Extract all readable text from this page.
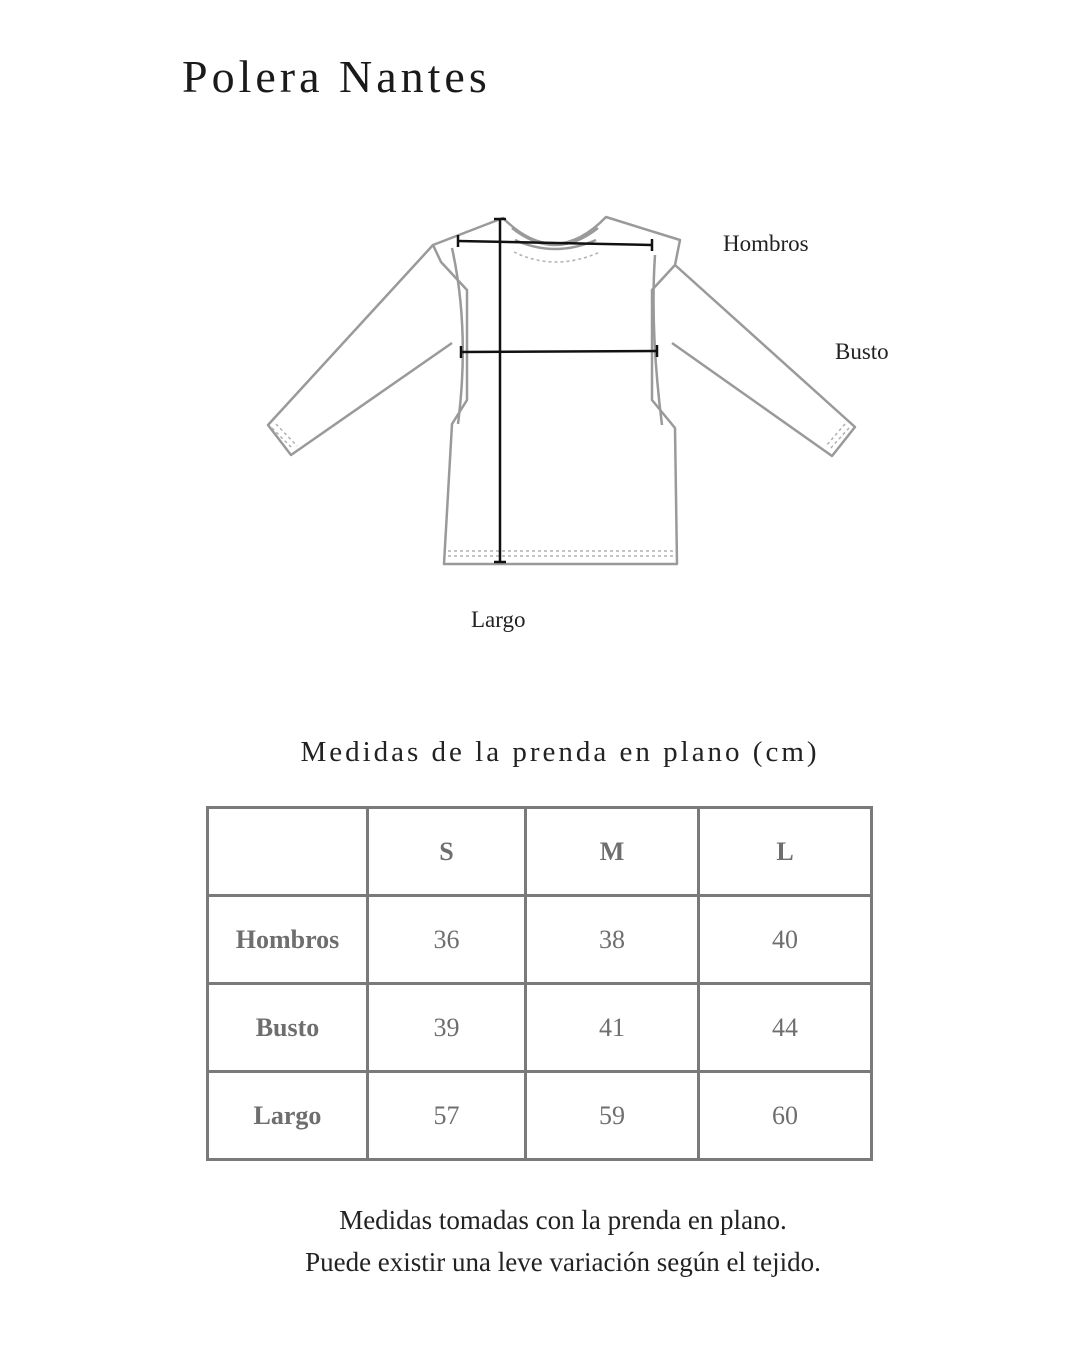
Polera Nantes
Hombros
Busto
Largo
Medidas de la prenda en plano (cm)
	S	M	L
Hombros	36	38	40
Busto	39	41	44
Largo	57	59	60
Medidas tomadas con la prenda en plano.
Puede existir una leve variación según el tejido.
